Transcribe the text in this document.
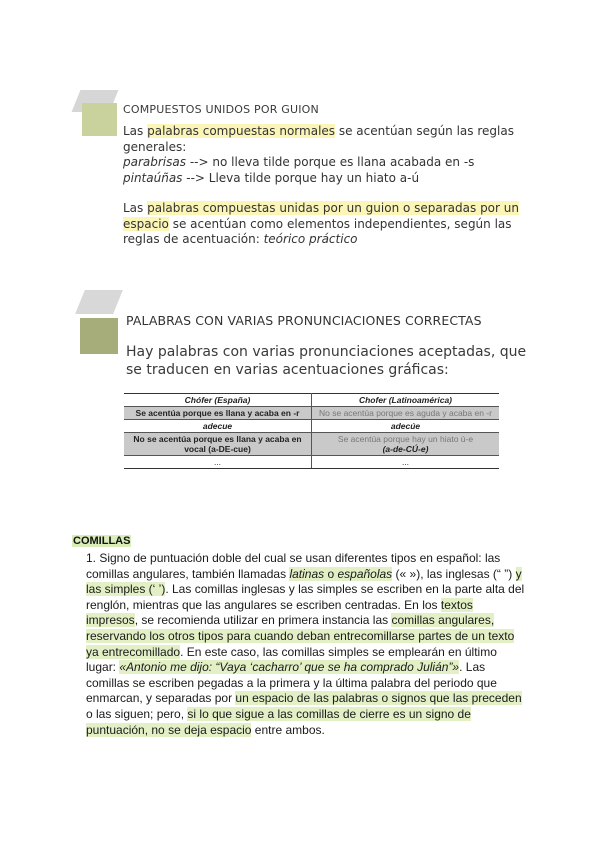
COMPUESTOS UNIDOS POR GUION

Las palabras compuestas normales se acentúan según las reglas generales:

parabrisas --> no lleva tilde porque es llana acabada en -s

pintaúñas --> Lleva tilde porque hay un hiato a-ú

Las palabras compuestas unidas por un guion o separadas por un espacio se acentúan como elementos independientes, según las reglas de acentuación: teórico práctico

PALABRAS CON VARIAS PRONUNCIACIONES CORRECTAS
Hay palabras con varias pronunciaciones aceptadas, que se traducen en varias acentuaciones gráficas:
Chófer (España)	Chofer (Latinoamérica)
Se acentúa porque es llana y acaba en -r	No se acentúa porque es aguda y acaba en -r
adecue	adecúe
No se acentúa porque es llana y acaba en vocal (a-DE-cue)	Se acentúa porque hay un hiato ú-e
(a-de-CÚ-e)
...	...
COMILLAS
1. Signo de puntuación doble del cual se usan diferentes tipos en español: las comillas angulares, también llamadas latinas o españolas (« »), las inglesas (“ ”) y las simples (‘ ’). Las comillas inglesas y las simples se escriben en la parte alta del renglón, mientras que las angulares se escriben centradas. En los textos impresos, se recomienda utilizar en primera instancia las comillas angulares, reservando los otros tipos para cuando deban entrecomillarse partes de un texto ya entrecomillado. En este caso, las comillas simples se emplearán en último lugar: «Antonio me dijo: “Vaya ‘cacharro’ que se ha comprado Julián”». Las comillas se escriben pegadas a la primera y la última palabra del periodo que enmarcan, y separadas por un espacio de las palabras o signos que las preceden o las siguen; pero, si lo que sigue a las comillas de cierre es un signo de puntuación, no se deja espacio entre ambos.
